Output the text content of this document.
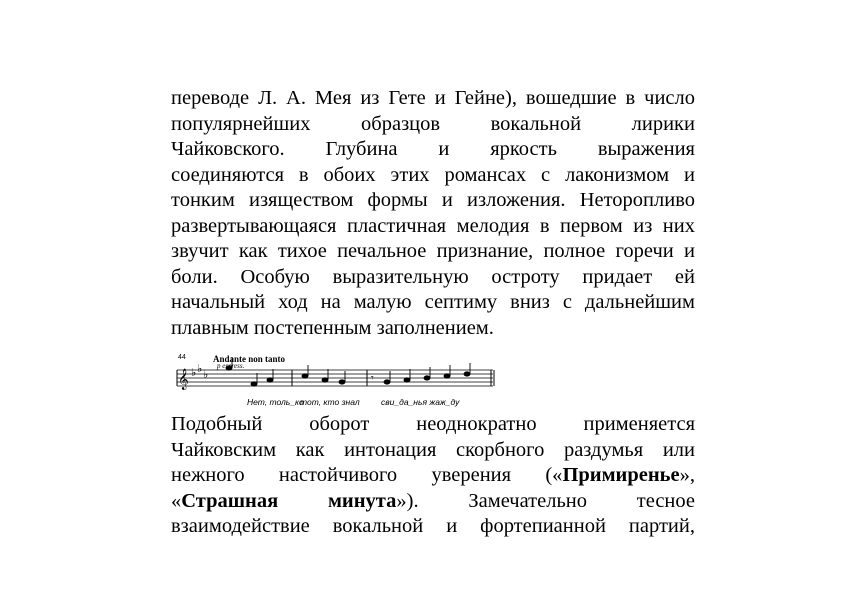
переводе Л. А. Мея из Гете и Гейне), вошедшие в число
популярнейших образцов вокальной лирики
Чайковского. Глубина и яркость выражения
соединяются в обоих этих романсах с лаконизмом и
тонким изяществом формы и изложения. Неторопливо
развертывающаяся пластичная мелодия в первом из них
звучит как тихое печальное признание, полное горечи и
боли. Особую выразительную остроту придает ей
начальный ход на малую септиму вниз с дальнейшим
плавным постепенным заполнением.
44	Andante non tanto
p espress.
𝄞 ♭ ♭ ♭	𝄾
Нет, толь_ко
тот, кто знал	сви_да_нья жаж_ду
Подобный оборот неоднократно применяется
Чайковским как интонация скорбного раздумья или
нежного настойчивого уверения («Примиренье»,
«Страшная минута»). Замечательно тесное
взаимодействие вокальной и фортепианной партий,
